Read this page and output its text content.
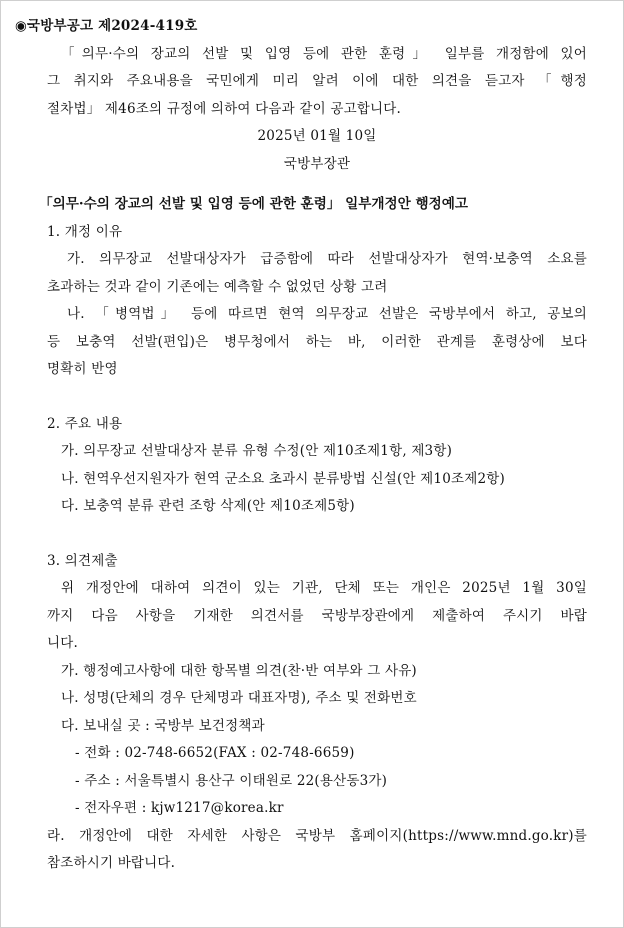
◉국방부공고 제2024-419호
「의무·수의 장교의 선발 및 입영 등에 관한 훈령」 일부를 개정함에 있어
그 취지와 주요내용을 국민에게 미리 알려 이에 대한 의견을 듣고자 「행정
절차법」 제46조의 규정에 의하여 다음과 같이 공고합니다.
2025년 01월 10일
국방부장관
「의무·수의 장교의 선발 및 입영 등에 관한 훈령」 일부개정안 행정예고
1. 개정 이유
가. 의무장교 선발대상자가 급증함에 따라 선발대상자가 현역·보충역 소요를
초과하는 것과 같이 기존에는 예측할 수 없었던 상황 고려
나. 「병역법」 등에 따르면 현역 의무장교 선발은 국방부에서 하고, 공보의
등 보충역 선발(편입)은 병무청에서 하는 바, 이러한 관계를 훈령상에 보다
명확히 반영
2. 주요 내용
가. 의무장교 선발대상자 분류 유형 수정(안 제10조제1항, 제3항)
나. 현역우선지원자가 현역 군소요 초과시 분류방법 신설(안 제10조제2항)
다. 보충역 분류 관련 조항 삭제(안 제10조제5항)
3. 의견제출
위 개정안에 대하여 의견이 있는 기관, 단체 또는 개인은 2025년 1월 30일
까지 다음 사항을 기재한 의견서를 국방부장관에게 제출하여 주시기 바랍
니다.
가. 행정예고사항에 대한 항목별 의견(찬·반 여부와 그 사유)
나. 성명(단체의 경우 단체명과 대표자명), 주소 및 전화번호
다. 보내실 곳 : 국방부 보건정책과
- 전화 : 02-748-6652(FAX : 02-748-6659)
- 주소 : 서울특별시 용산구 이태원로 22(용산동3가)
- 전자우편 : kjw1217@korea.kr
라. 개정안에 대한 자세한 사항은 국방부 홈페이지(https://www.mnd.go.kr)를
참조하시기 바랍니다.
